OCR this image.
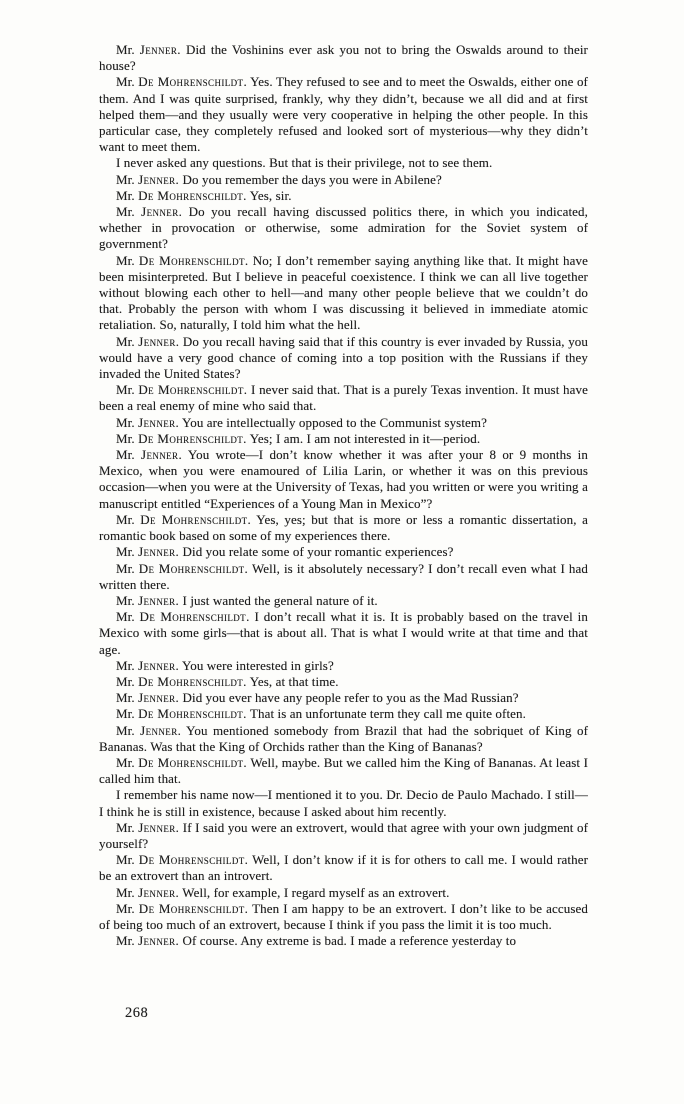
Mr. Jenner. Did the Voshinins ever ask you not to bring the Oswalds around to their house?

Mr. De Mohrenschildt. Yes. They refused to see and to meet the Oswalds, either one of them. And I was quite surprised, frankly, why they didn’t, because we all did and at first helped them—and they usually were very cooperative in helping the other people. In this particular case, they completely refused and looked sort of mysterious—why they didn’t want to meet them.

I never asked any questions. But that is their privilege, not to see them.

Mr. Jenner. Do you remember the days you were in Abilene?

Mr. De Mohrenschildt. Yes, sir.

Mr. Jenner. Do you recall having discussed politics there, in which you indicated, whether in provocation or otherwise, some admiration for the Soviet system of government?

Mr. De Mohrenschildt. No; I don’t remember saying anything like that. It might have been misinterpreted. But I believe in peaceful coexistence. I think we can all live together without blowing each other to hell—and many other people believe that we couldn’t do that. Probably the person with whom I was discussing it believed in immediate atomic retaliation. So, naturally, I told him what the hell.

Mr. Jenner. Do you recall having said that if this country is ever invaded by Russia, you would have a very good chance of coming into a top position with the Russians if they invaded the United States?

Mr. De Mohrenschildt. I never said that. That is a purely Texas invention. It must have been a real enemy of mine who said that.

Mr. Jenner. You are intellectually opposed to the Communist system?

Mr. De Mohrenschildt. Yes; I am. I am not interested in it—period.

Mr. Jenner. You wrote—I don’t know whether it was after your 8 or 9 months in Mexico, when you were enamoured of Lilia Larin, or whether it was on this previous occasion—when you were at the University of Texas, had you written or were you writing a manuscript entitled “Experiences of a Young Man in Mexico”?

Mr. De Mohrenschildt. Yes, yes; but that is more or less a romantic dissertation, a romantic book based on some of my experiences there.

Mr. Jenner. Did you relate some of your romantic experiences?

Mr. De Mohrenschildt. Well, is it absolutely necessary? I don’t recall even what I had written there.

Mr. Jenner. I just wanted the general nature of it.

Mr. De Mohrenschildt. I don’t recall what it is. It is probably based on the travel in Mexico with some girls—that is about all. That is what I would write at that time and that age.

Mr. Jenner. You were interested in girls?

Mr. De Mohrenschildt. Yes, at that time.

Mr. Jenner. Did you ever have any people refer to you as the Mad Russian?

Mr. De Mohrenschildt. That is an unfortunate term they call me quite often.

Mr. Jenner. You mentioned somebody from Brazil that had the sobriquet of King of Bananas. Was that the King of Orchids rather than the King of Bananas?

Mr. De Mohrenschildt. Well, maybe. But we called him the King of Bananas. At least I called him that.

I remember his name now—I mentioned it to you. Dr. Decio de Paulo Machado. I still—I think he is still in existence, because I asked about him recently.

Mr. Jenner. If I said you were an extrovert, would that agree with your own judgment of yourself?

Mr. De Mohrenschildt. Well, I don’t know if it is for others to call me. I would rather be an extrovert than an introvert.

Mr. Jenner. Well, for example, I regard myself as an extrovert.

Mr. De Mohrenschildt. Then I am happy to be an extrovert. I don’t like to be accused of being too much of an extrovert, because I think if you pass the limit it is too much.

Mr. Jenner. Of course. Any extreme is bad. I made a reference yesterday to

268
